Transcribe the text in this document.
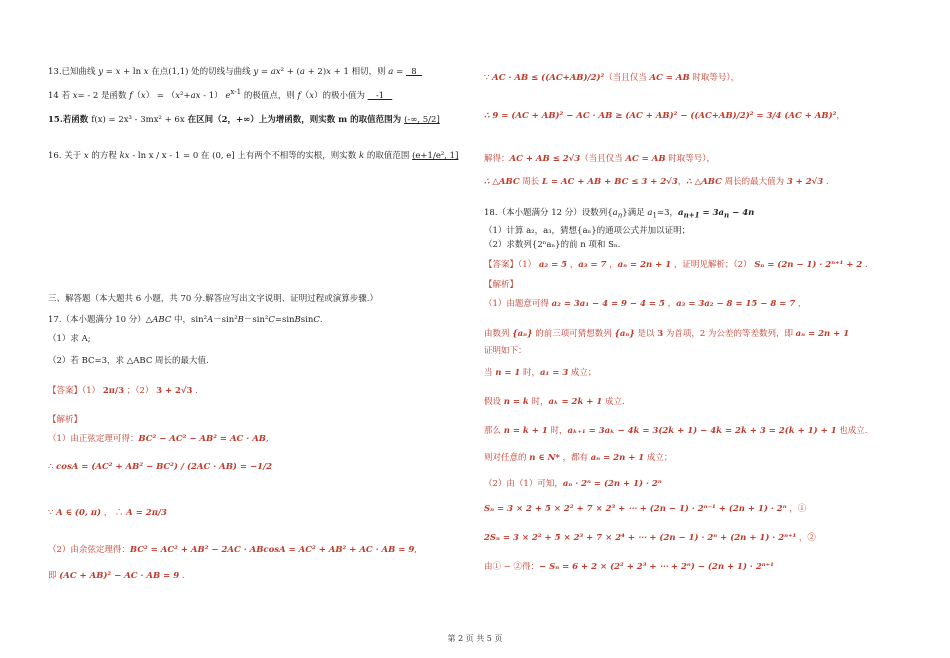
13.已知曲线 y = x + ln x 在点(1,1) 处的切线与曲线 y = ax² + (a + 2)x + 1 相切，则 a =   8
14 若 x= - 2 是函数 f（x） = （x²+ax - 1） $e^{x-1}$ 的极值点，则 f（x）的极小值为    -1
15.若函数 f(x) = 2x³ - 3mx² + 6x 在区间（2，+∞）上为增函数，则实数 m 的取值范围为 (-∞, 5/2]
16. 关于 x 的方程 kx - ln x / x - 1 = 0 在 (0, e] 上有两个不相等的实根，则实数 k 的取值范围 (e+1/e², 1]
三、解答题（本大题共 6 小题，共 70 分.解答应写出文字说明、证明过程或演算步骤.）
17.（本小题满分 10 分）△ABC 中，sin²A－sin²B－sin²C=sinBsinC.
（1）求 A;
（2）若 BC=3，求 △ABC 周长的最大值.
【答案】（1） 2π/3 ；（2） 3 + 2√3 .
【解析】
（1）由正弦定理可得：BC² − AC² − AB² = AC · AB,
∴ cosA = (AC² + AB² − BC²) / (2AC · AB) = −1/2
∵ A ∈ (0, π) ， ∴ A = 2π/3
（2）由余弦定理得：BC² = AC² + AB² − 2AC · ABcosA = AC² + AB² + AC · AB = 9,
即 (AC + AB)² − AC · AB = 9 .
∵ AC · AB ≤ ((AC+AB)/2)²（当且仅当 AC = AB 时取等号），
∴ 9 = (AC + AB)² − AC · AB ≥ (AC + AB)² − ((AC+AB)/2)² = 3/4 (AC + AB)²，
解得：AC + AB ≤ 2√3（当且仅当 AC = AB 时取等号），
∴ △ABC 周长 L = AC + AB + BC ≤ 3 + 2√3，∴ △ABC 周长的最大值为 3 + 2√3 .
18.（本小题满分 12 分）设数列$\{a_n\}$满足 $a_1=3$，$a_{n+1} = 3a_n - 4n$
（1）计算 a₂，a₃，猜想{aₙ}的通项公式并加以证明；
（2）求数列{2ⁿaₙ}的前 n 项和 Sₙ.
【答案】（1） a₂ = 5 ，a₃ = 7 ，aₙ = 2n + 1 ，证明见解析；（2） Sₙ = (2n − 1) · 2ⁿ⁺¹ + 2 .
【解析】
（1）由题意可得 a₂ = 3a₁ − 4 = 9 − 4 = 5 ，a₃ = 3a₂ − 8 = 15 − 8 = 7 ，
由数列 {aₙ} 的前三项可猜想数列 {aₙ} 是以 3 为首项，2 为公差的等差数列，即 aₙ = 2n + 1
证明如下：
当 n = 1 时，a₁ = 3 成立；
假设 n = k 时，aₖ = 2k + 1 成立.
那么 n = k + 1 时，aₖ₊₁ = 3aₖ − 4k = 3(2k + 1) − 4k = 2k + 3 = 2(k + 1) + 1 也成立.
则对任意的 n ∈ N* ，都有 aₙ = 2n + 1 成立；
（2）由（1）可知，aₙ · 2ⁿ = (2n + 1) · 2ⁿ
Sₙ = 3 × 2 + 5 × 2² + 7 × 2³ + ⋯ + (2n − 1) · 2ⁿ⁻¹ + (2n + 1) · 2ⁿ ，①
2Sₙ = 3 × 2² + 5 × 2³ + 7 × 2⁴ + ⋯ + (2n − 1) · 2ⁿ + (2n + 1) · 2ⁿ⁺¹ ，②
由① − ②得：− Sₙ = 6 + 2 × (2² + 2³ + ⋯ + 2ⁿ) − (2n + 1) · 2ⁿ⁺¹
第 2 页 共 5 页
